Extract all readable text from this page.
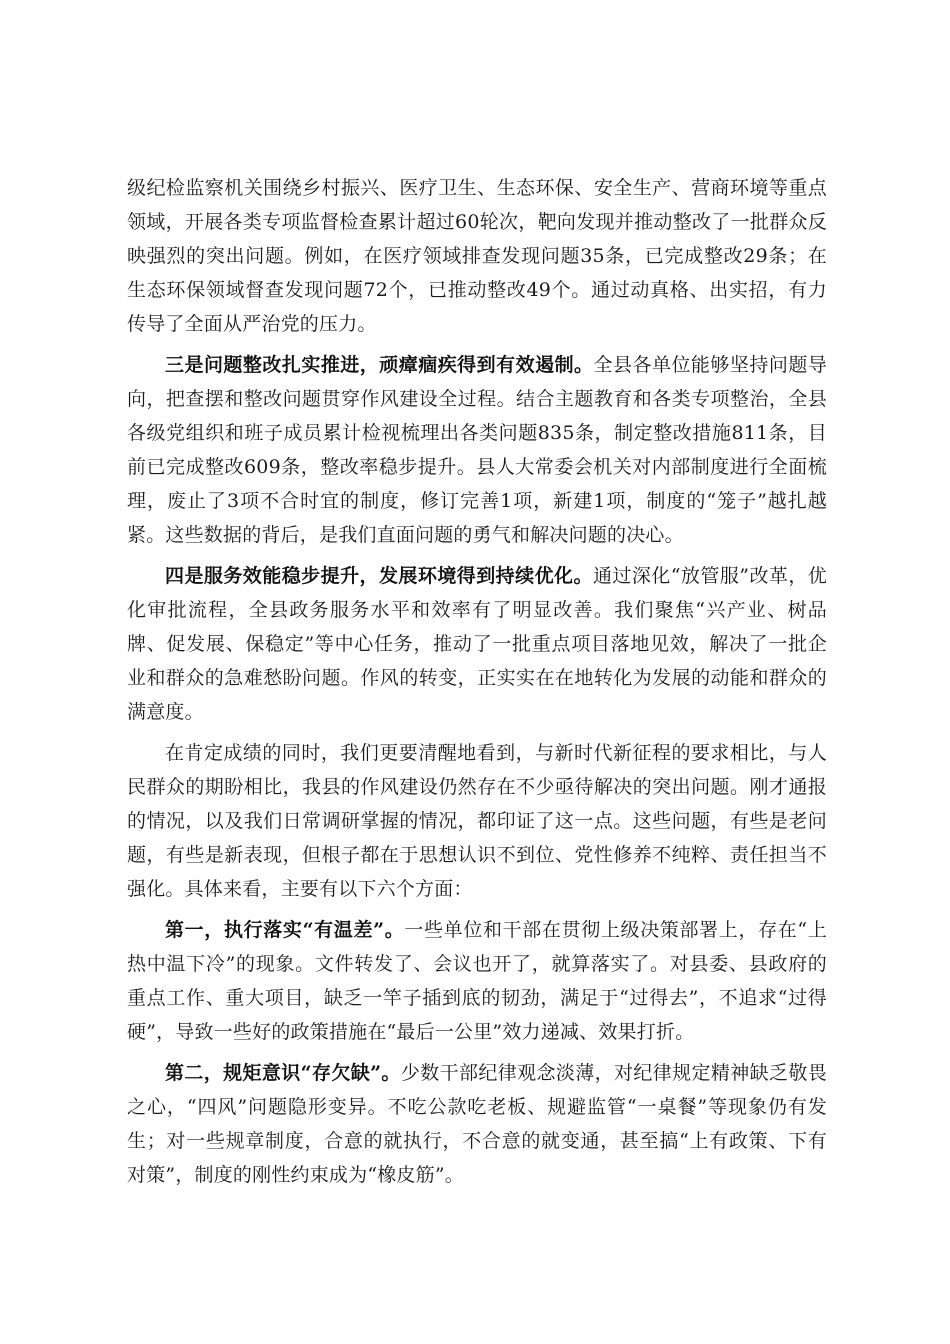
级纪检监察机关围绕乡村振兴、医疗卫生、生态环保、安全生产、营商环境等重点领域，开展各类专项监督检查累计超过60轮次，靶向发现并推动整改了一批群众反映强烈的突出问题。例如，在医疗领域排查发现问题35条，已完成整改29条；在生态环保领域督查发现问题72个，已推动整改49个。通过动真格、出实招，有力传导了全面从严治党的压力。

三是问题整改扎实推进，顽瘴痼疾得到有效遏制。全县各单位能够坚持问题导向，把查摆和整改问题贯穿作风建设全过程。结合主题教育和各类专项整治，全县各级党组织和班子成员累计检视梳理出各类问题835条，制定整改措施811条，目前已完成整改609条，整改率稳步提升。县人大常委会机关对内部制度进行全面梳理，废止了3项不合时宜的制度，修订完善1项，新建1项，制度的“笼子”越扎越紧。这些数据的背后，是我们直面问题的勇气和解决问题的决心。

四是服务效能稳步提升，发展环境得到持续优化。通过深化“放管服”改革，优化审批流程，全县政务服务水平和效率有了明显改善。我们聚焦“兴产业、树品牌、促发展、保稳定”等中心任务，推动了一批重点项目落地见效，解决了一批企业和群众的急难愁盼问题。作风的转变，正实实在在地转化为发展的动能和群众的满意度。

在肯定成绩的同时，我们更要清醒地看到，与新时代新征程的要求相比，与人民群众的期盼相比，我县的作风建设仍然存在不少亟待解决的突出问题。刚才通报的情况，以及我们日常调研掌握的情况，都印证了这一点。这些问题，有些是老问题，有些是新表现，但根子都在于思想认识不到位、党性修养不纯粹、责任担当不强化。具体来看，主要有以下六个方面：

第一，执行落实“有温差”。一些单位和干部在贯彻上级决策部署上，存在“上热中温下冷”的现象。文件转发了、会议也开了，就算落实了。对县委、县政府的重点工作、重大项目，缺乏一竿子插到底的韧劲，满足于“过得去”，不追求“过得硬”，导致一些好的政策措施在“最后一公里”效力递减、效果打折。

第二，规矩意识“存欠缺”。少数干部纪律观念淡薄，对纪律规定精神缺乏敬畏之心，“四风”问题隐形变异。不吃公款吃老板、规避监管“一桌餐”等现象仍有发生；对一些规章制度，合意的就执行，不合意的就变通，甚至搞“上有政策、下有对策”，制度的刚性约束成为“橡皮筋”。
